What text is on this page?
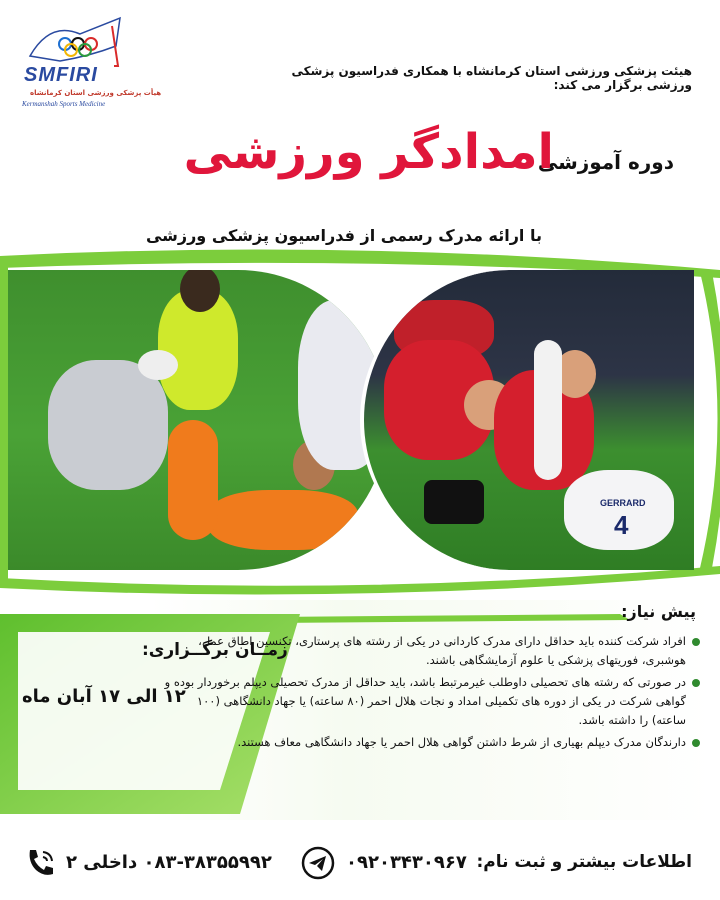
SMFIRI
هیأت پزشکی ورزشی استان کرمانشاه
Kermanshah Sports Medicine
هیئت پزشکی ورزشی استان کرمانشاه با همکاری فدراسیون پزشکی ورزشی برگزار می کند:
دوره آموزشی
امدادگر ورزشی
با ارائه مدرک رسمی از فدراسیون پزشکی ورزشی
GERRARD
4
پیش نیاز:
افراد شرکت کننده باید حداقل دارای مدرک کاردانی در یکی از رشته های پرستاری، تکنسین اطاق عمل، هوشبری، فوریتهای پزشکی یا علوم آزمایشگاهی باشند.
در صورتی که رشته های تحصیلی داوطلب غیرمرتبط باشد، باید حداقل از مدرک تحصیلی دیپلم برخوردار بوده و گواهی شرکت در یکی از دوره های تکمیلی امداد و نجات هلال احمر (۸۰ ساعته) یا جهاد دانشگاهی (۱۰۰ ساعته) را داشته باشد.
دارندگان مدرک دیپلم بهیاری از شرط داشتن گواهی هلال احمر یا جهاد دانشگاهی معاف هستند.
زمــان برگــزاری:
۱۲ الی ۱۷ آبان ماه
اطلاعات بیشتر و ثبت نام:
۰۹۲۰۳۴۳۰۹۶۷
۰۸۳-۳۸۳۵۵۹۹۲ داخلی ۲
